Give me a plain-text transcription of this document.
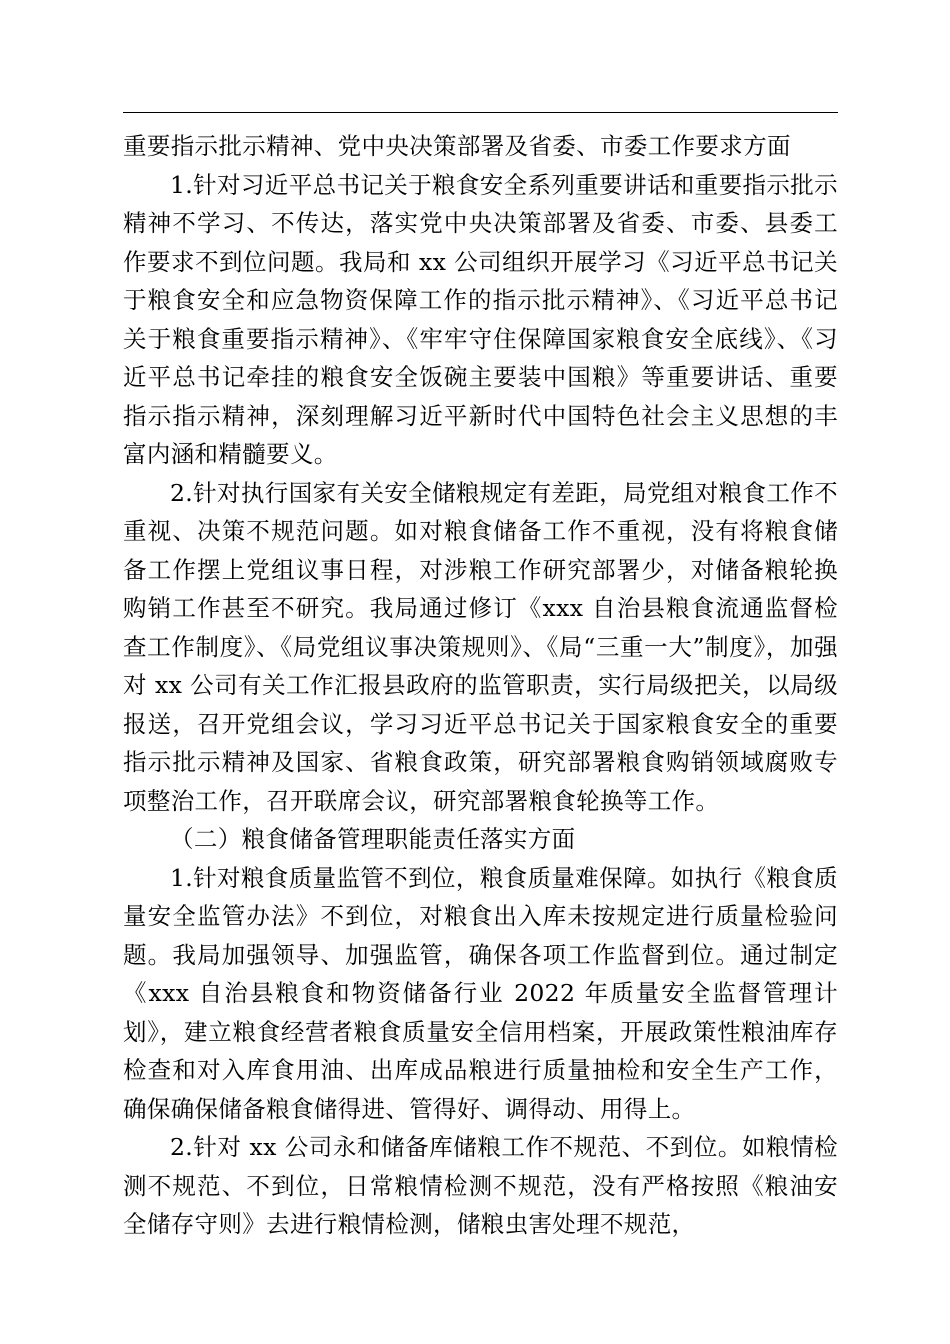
重要指示批示精神、党中央决策部署及省委、市委工作要求方面

1.针对习近平总书记关于粮食安全系列重要讲话和重要指示批示精神不学习、不传达，落实党中央决策部署及省委、市委、县委工作要求不到位问题。我局和 xx 公司组织开展学习《习近平总书记关于粮食安全和应急物资保障工作的指示批示精神》、《习近平总书记关于粮食重要指示精神》、《牢牢守住保障国家粮食安全底线》、《习近平总书记牵挂的粮食安全饭碗主要装中国粮》等重要讲话、重要指示指示精神，深刻理解习近平新时代中国特色社会主义思想的丰富内涵和精髓要义。

2.针对执行国家有关安全储粮规定有差距，局党组对粮食工作不重视、决策不规范问题。如对粮食储备工作不重视，没有将粮食储备工作摆上党组议事日程，对涉粮工作研究部署少，对储备粮轮换购销工作甚至不研究。我局通过修订《xxx 自治县粮食流通监督检查工作制度》、《局党组议事决策规则》、《局“三重一大”制度》，加强对 xx 公司有关工作汇报县政府的监管职责，实行局级把关，以局级报送，召开党组会议，学习习近平总书记关于国家粮食安全的重要指示批示精神及国家、省粮食政策，研究部署粮食购销领域腐败专项整治工作，召开联席会议，研究部署粮食轮换等工作。

（二）粮食储备管理职能责任落实方面

1.针对粮食质量监管不到位，粮食质量难保障。如执行《粮食质量安全监管办法》不到位，对粮食出入库未按规定进行质量检验问题。我局加强领导、加强监管，确保各项工作监督到位。通过制定《xxx 自治县粮食和物资储备行业 2022 年质量安全监督管理计划》，建立粮食经营者粮食质量安全信用档案，开展政策性粮油库存检查和对入库食用油、出库成品粮进行质量抽检和安全生产工作，确保确保储备粮食储得进、管得好、调得动、用得上。

2.针对 xx 公司永和储备库储粮工作不规范、不到位。如粮情检测不规范、不到位，日常粮情检测不规范，没有严格按照《粮油安全储存守则》去进行粮情检测，储粮虫害处理不规范，
